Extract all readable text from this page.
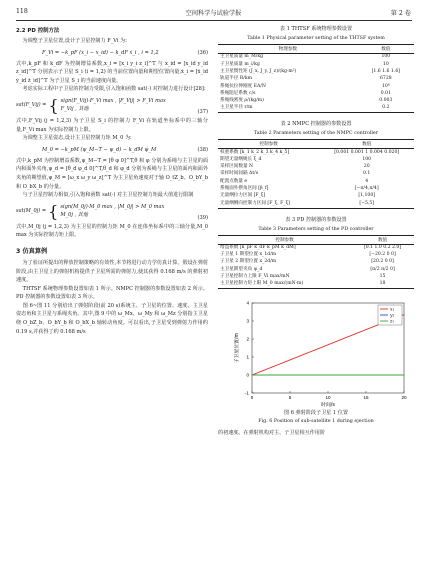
118	空间科学与试验学报	第 2 卷
2.2 PD 控制方法

为调整子卫星位置,设计子卫星控制力 F_Vi 为:

F_Vi = −k_pF (x_i − x_id) − k_dF ẋ_i , i = 1,2	(36)

式中,k_pF 和 k_dF 为控制增益系数,x_i = [x_i y_i z_i]^T 与 x_id = [x_id y_id z_id]^T 分别表示子卫星 S_i (i = 1,2) 的当前位置向量和期望位置向量,ẋ_i = [ẋ_id ẏ_id ż_id]^T 为子卫星 S_i 的当前速度向量。

考虑实际工程中子卫星的控制力受限,引入饱和函数 sat(·) 对控制力进行设计[28]:

sat(F_Vij) = { sign(F_Vij)·F_Vi max , |F_Vij| > F_Vi max
F_Vij , 其他	(37)

式中,F_Vij (j = 1,2,3) 为子卫星 S_i 的控制力 F_Vi 在轨道坐标系中的三轴分量,F_Vi max 为实际控制力上限。
为调整主卫星姿态,设计主卫星控制力矩 M_0 为:

M_0 = −k_pM (ψ_M−T − ψ_d) − k_dM ψ̇_M	(38)

式中,k_pM 为控制增益系数,ψ_M−T = [θ φ 0]^T,θ 和 φ 分别为系绳与主卫星的面内和面外夹角,ψ_d = [θ_d φ_d 0]^T,θ_d 和 φ_d 分别为系绳与主卫星的面内和面外夹角的期望值,ψ_M = [ω_x ω_y ω_z]^T 为主卫星角速度对于轴 O_tZ_b、O_bY_b 和 O_bX_b 的分量。
与子卫星控制力相似,引入饱和函数 sat(·) 对主卫星控制力矩最大值进行限制

sat(M_0j) = { sign(M_0j)·M_0 max , |M_0j| > M_0 max
M_0j , 其他	(39)

式中,M_0j (j = 1,2,3) 为主卫星的控制力矩 M_0 在连体坐标系中的三轴分量,M_0 max 为实际控制力矩上限。

3 仿真算例

为了验证所提出的释放控制策略的有效性,本节将进行动力学仿真计算。假设在弹射阶段,由主卫星上的弹射机构提供子卫星所需的弹射力,使其获得 0.168 m/s 的弹射初速度。
THTSF 系统物理参数设置如表 1 所示。NMPC 控制器的参数设置如表 2 所示。PD 控制器的参数设置如表 3 所示。
图 6~图 11 分别给出了弹射阶段(前 20 s)系统主、子卫星的位置、速度、主卫星姿态角和主卫星与系绳夹角。其中,图 9 中的 ω_Mx、ω_My 和 ω_Mz 分别指主卫星绕 O_bZ_b、O_bY_b 和 O_bX_b 轴转动角度。可以看出,子卫星受到弹射力作用约 0.19 s,并获得了约 0.168 m/s

表 1 THTSF 系统物理参数设置
Table 1 Physical parameter setting of the THTSF system
物理参数	数值
主卫星质量 m_M/kg	100
子卫星质量 m_i/kg	10
主卫星惯性矩 (J_x, J_y, J_z)/(kg·m²)	[1.6 1.6 1.6]
轨道半径 R/km	6728
系绳抗拉伸刚度 EA/N	10⁶
系绳阻尼系数 c/s	0.01
系绳线密度 ρ/(kg/m)	0.003
主卫星半径 r/m	0.2
表 2 NMPC 控制器的参数设置
Table 2 Parameters setting of the NMPC controller
控制参数	数值
权重系数 [k_1 k_2 k_3 k_4 k_5]	[0.001 0.001 1 0.004 0.020]
期望无量纲绳长 ξ_d	100
采样区间数量 N	20
采样时间间隔 Δt/s	0.1
配置点数量 e	4
系绳面外摆角区间 [β_f]	[−π/4,π/4]
无量纲拉力区间 [F_ξ]	[1,100]
无量纲侧向控制力区间 [F_ξ, F_ξ]	[−5,5]
表 3 PD 控制器的参数设置
Table 3 Parameters setting of the PD controller
控制参数	数值
增益系数 [k_pF k_dF k_pM k_dM]	[0.1 1.0 0.2 2.0]
子卫星 1 期望位置 x_1d/m	[−20.2 0 0]
子卫星 2 期望位置 x_2d/m	[20.2 0 0]
主卫星期望夹角 ψ_d	[π/2 π/2 0]
子卫星控制力上限 F_Vi max/mN	15
主卫星控制力矩上限 M_0 max/(mN·m)	18
0	5	10	15	20
-1
0
1
2
3
4
时间/s
子卫星位置/m
x₁
y₁
z₁
图 6 弹射阶段子卫星 1 位置
Fig. 6 Position of sub-satellite 1 during ejection

的初速度。在弹射机构对主、子卫星相互作用阶
